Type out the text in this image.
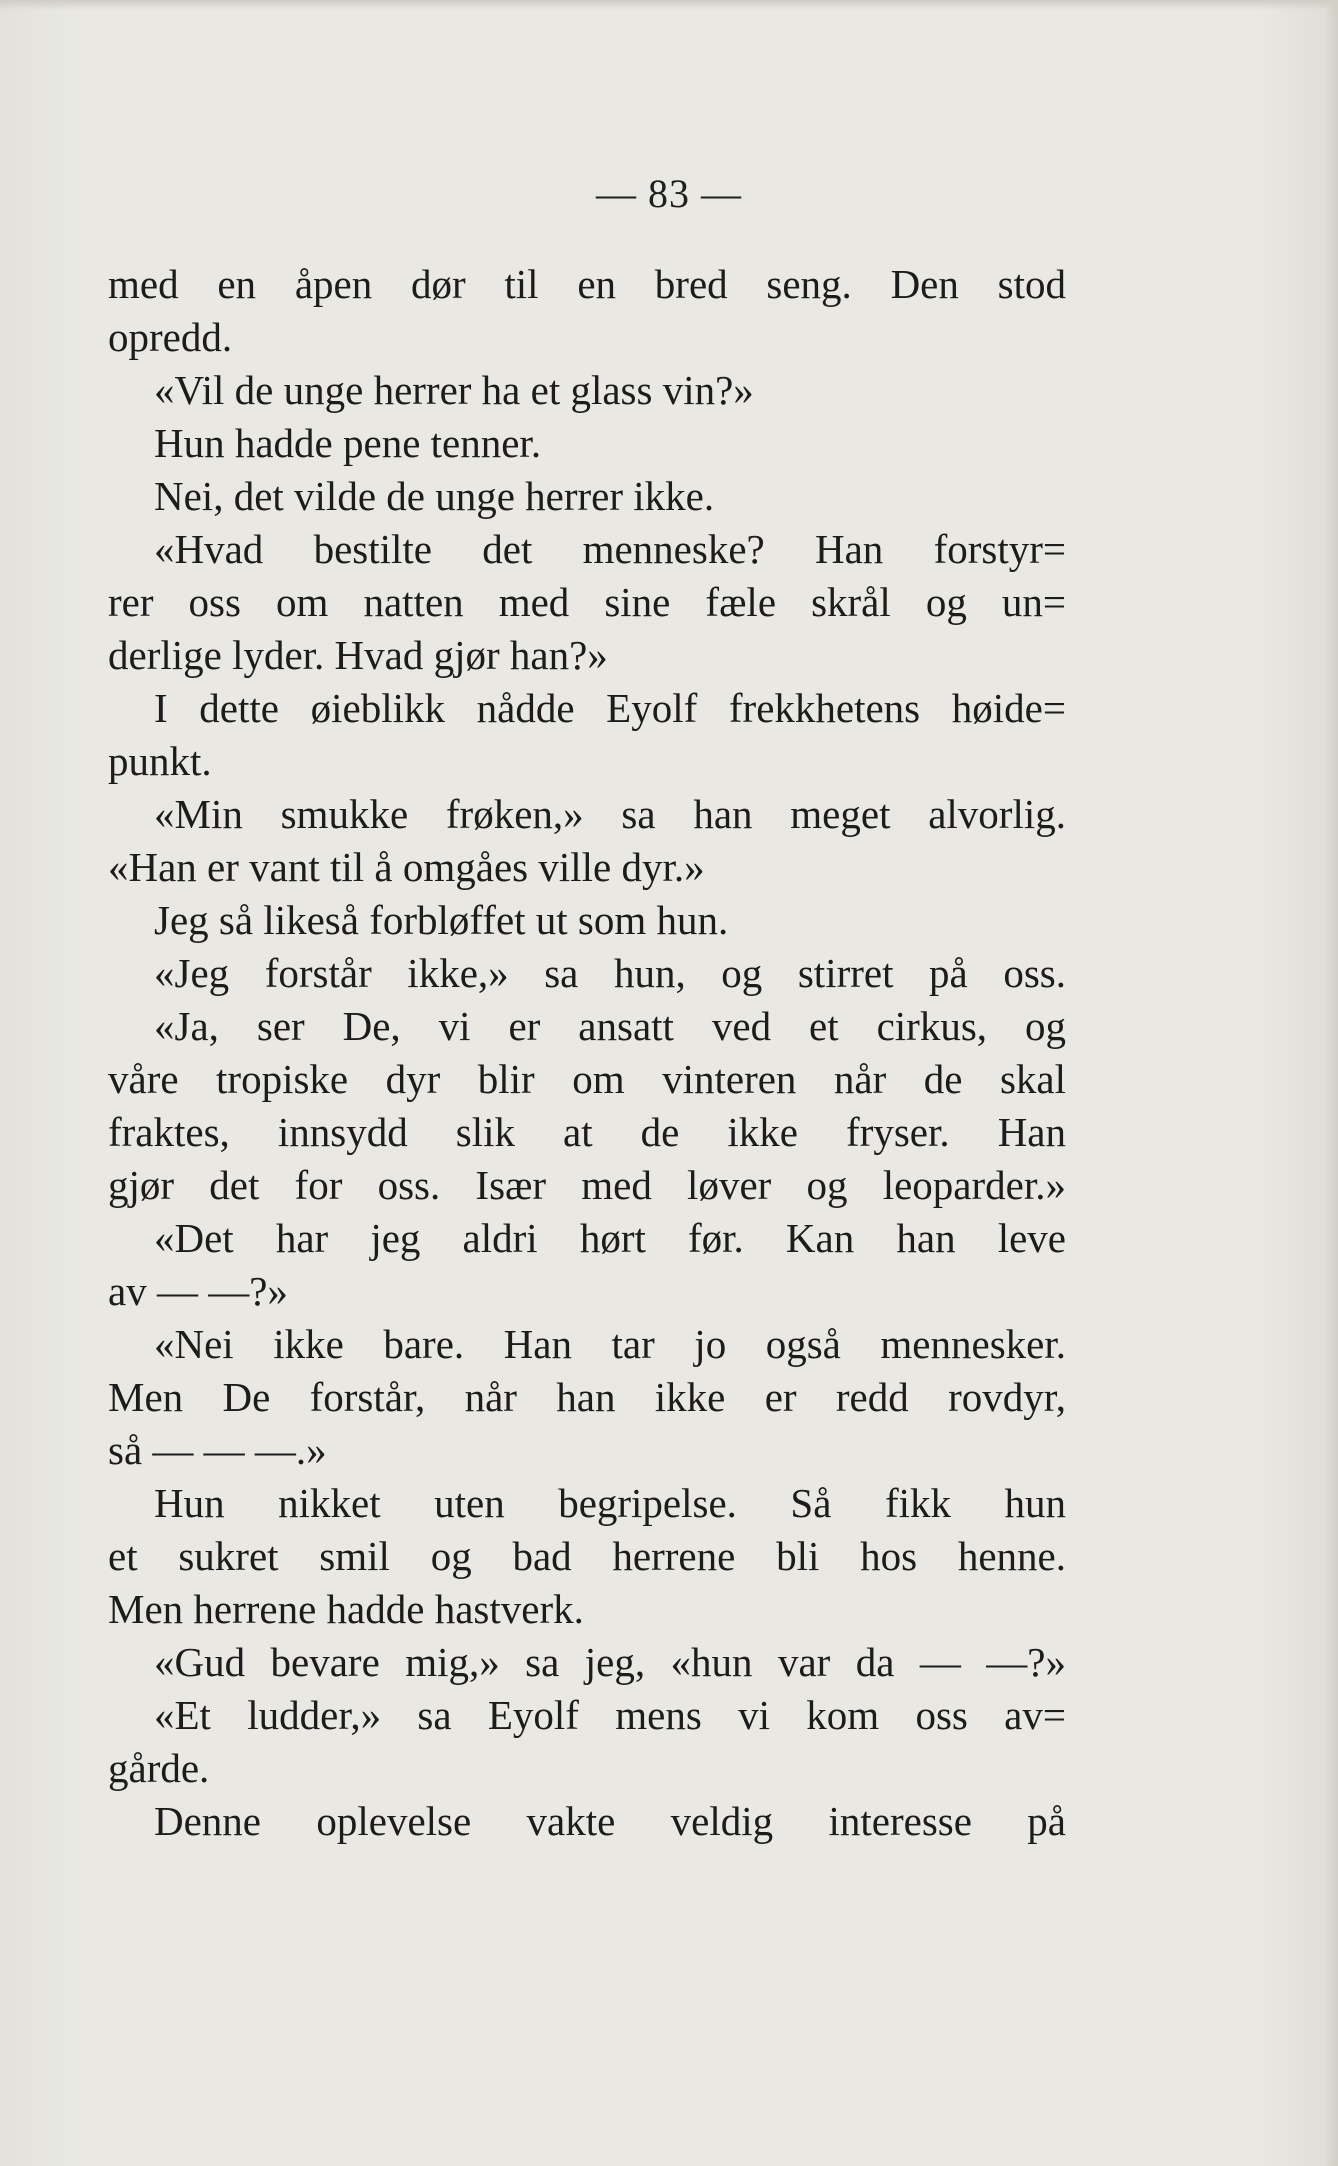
— 83 —
med en åpen dør til en bred seng. Den stod
opredd.
«Vil de unge herrer ha et glass vin?»
Hun hadde pene tenner.
Nei, det vilde de unge herrer ikke.
«Hvad bestilte det menneske? Han forstyr=
rer oss om natten med sine fæle skrål og un=
derlige lyder. Hvad gjør han?»
I dette øieblikk nådde Eyolf frekkhetens høide=
punkt.
«Min smukke frøken,» sa han meget alvorlig.
«Han er vant til å omgåes ville dyr.»
Jeg så likeså forbløffet ut som hun.
«Jeg forstår ikke,» sa hun, og stirret på oss.
«Ja, ser De, vi er ansatt ved et cirkus, og
våre tropiske dyr blir om vinteren når de skal
fraktes, innsydd slik at de ikke fryser. Han
gjør det for oss. Især med løver og leoparder.»
«Det har jeg aldri hørt før. Kan han leve
av — —?»
«Nei ikke bare. Han tar jo også mennesker.
Men De forstår, når han ikke er redd rovdyr,
så — — —.»
Hun nikket uten begripelse. Så fikk hun
et sukret smil og bad herrene bli hos henne.
Men herrene hadde hastverk.
«Gud bevare mig,» sa jeg, «hun var da — —?»
«Et ludder,» sa Eyolf mens vi kom oss av=
gårde.
Denne oplevelse vakte veldig interesse på
